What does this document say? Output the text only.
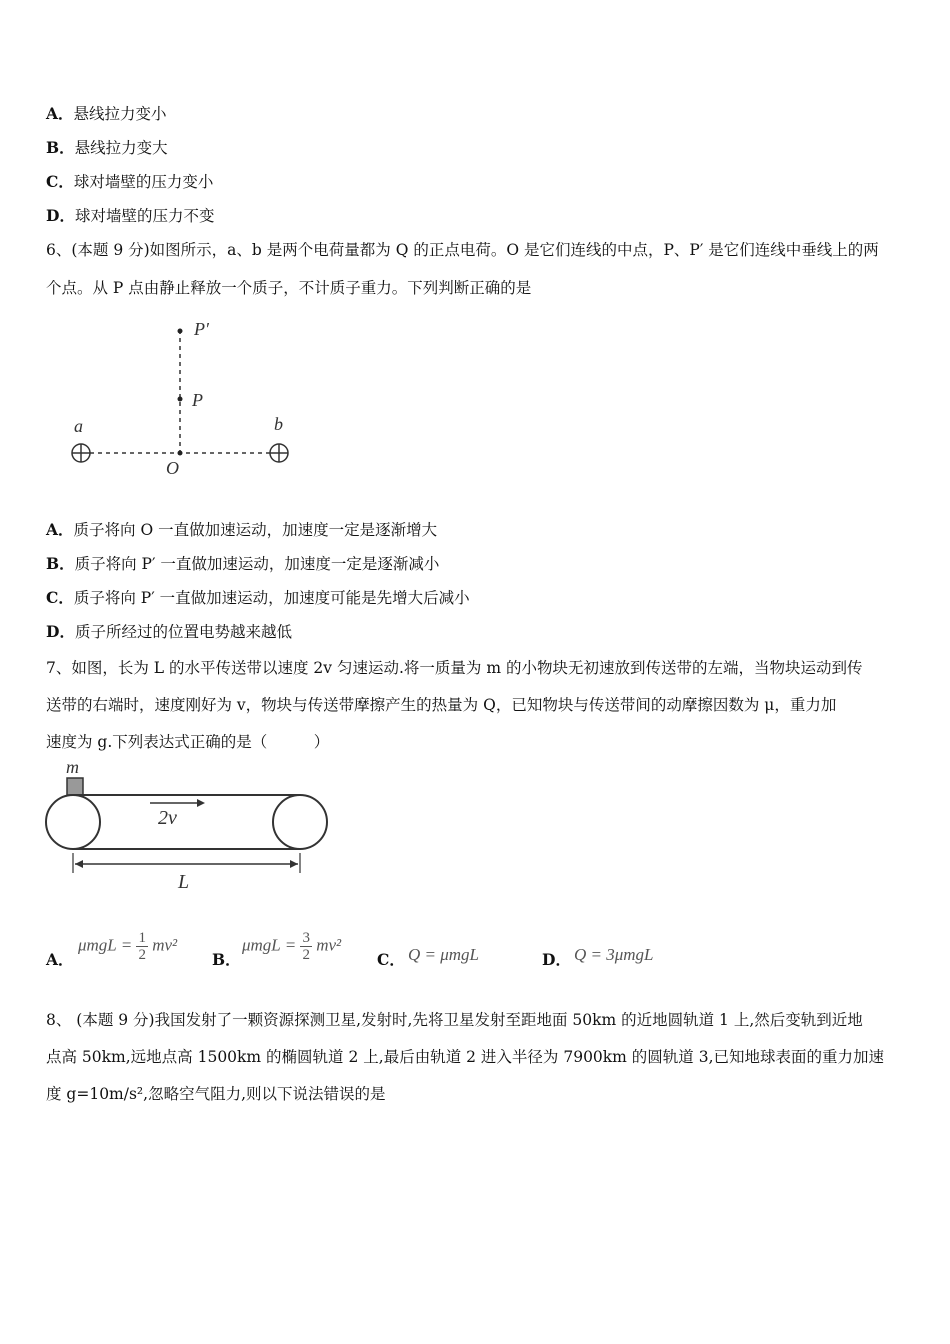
A．悬线拉力变小
B．悬线拉力变大
C．球对墙壁的压力变小
D．球对墙壁的压力不变
6、(本题 9 分)如图所示，a、b 是两个电荷量都为 Q 的正点电荷。O 是它们连线的中点，P、P′ 是它们连线中垂线上的两
个点。从 P 点由静止释放一个质子，不计质子重力。下列判断正确的是
P′
P
a	b
O
A．质子将向 O 一直做加速运动，加速度一定是逐渐增大
B．质子将向 P′ 一直做加速运动，加速度一定是逐渐减小
C．质子将向 P′ 一直做加速运动，加速度可能是先增大后减小
D．质子所经过的位置电势越来越低
7、如图，长为 L 的水平传送带以速度 2v 匀速运动.将一质量为 m 的小物块无初速放到传送带的左端，当物块运动到传
送带的右端时，速度刚好为 v，物块与传送带摩擦产生的热量为 Q，已知物块与传送带间的动摩擦因数为 μ，重力加
速度为 g.下列表达式正确的是（　　　）
m
2v
L
A．
$\mu mgL = \frac{1}{2} mv^2$
B．
$\mu mgL = \frac{3}{2} mv^2$
C． Q = μmgL	D． Q = 3μmgL
8、 (本题 9 分)我国发射了一颗资源探测卫星,发射时,先将卫星发射至距地面 50km 的近地圆轨道 1 上,然后变轨到近地
点高 50km,远地点高 1500km 的椭圆轨道 2 上,最后由轨道 2 进入半径为 7900km 的圆轨道 3,已知地球表面的重力加速
度 g=10m/s²,忽略空气阻力,则以下说法错误的是
